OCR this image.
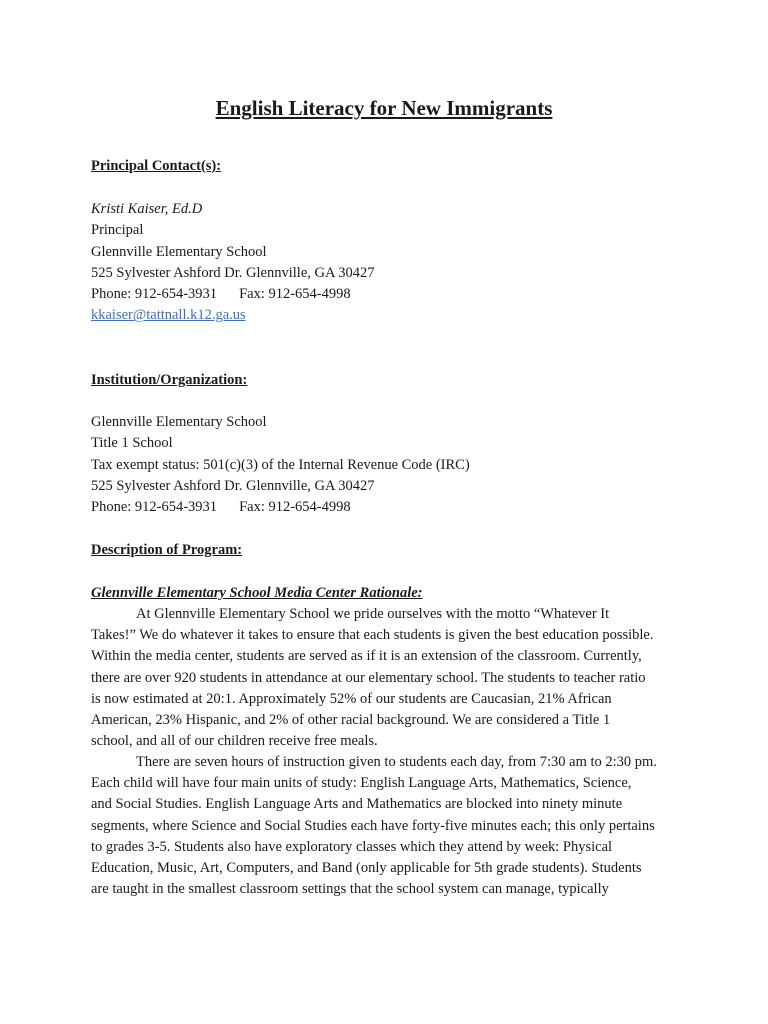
English Literacy for New Immigrants
Principal Contact(s):
Kristi Kaiser, Ed.D
Principal
Glennville Elementary School
525 Sylvester Ashford Dr. Glennville, GA 30427
Phone: 912-654-3931 Fax: 912-654-4998
kkaiser@tattnall.k12.ga.us
Institution/Organization:
Glennville Elementary School
Title 1 School
Tax exempt status: 501(c)(3) of the Internal Revenue Code (IRC)
525 Sylvester Ashford Dr. Glennville, GA 30427
Phone: 912-654-3931 Fax: 912-654-4998
Description of Program:
Glennville Elementary School Media Center Rationale:
At Glennville Elementary School we pride ourselves with the motto “Whatever It
Takes!” We do whatever it takes to ensure that each students is given the best education possible.
Within the media center, students are served as if it is an extension of the classroom. Currently,
there are over 920 students in attendance at our elementary school. The students to teacher ratio
is now estimated at 20:1. Approximately 52% of our students are Caucasian, 21% African
American, 23% Hispanic, and 2% of other racial background. We are considered a Title 1
school, and all of our children receive free meals.
There are seven hours of instruction given to students each day, from 7:30 am to 2:30 pm.
Each child will have four main units of study: English Language Arts, Mathematics, Science,
and Social Studies. English Language Arts and Mathematics are blocked into ninety minute
segments, where Science and Social Studies each have forty-five minutes each; this only pertains
to grades 3-5. Students also have exploratory classes which they attend by week: Physical
Education, Music, Art, Computers, and Band (only applicable for 5th grade students). Students
are taught in the smallest classroom settings that the school system can manage, typically
